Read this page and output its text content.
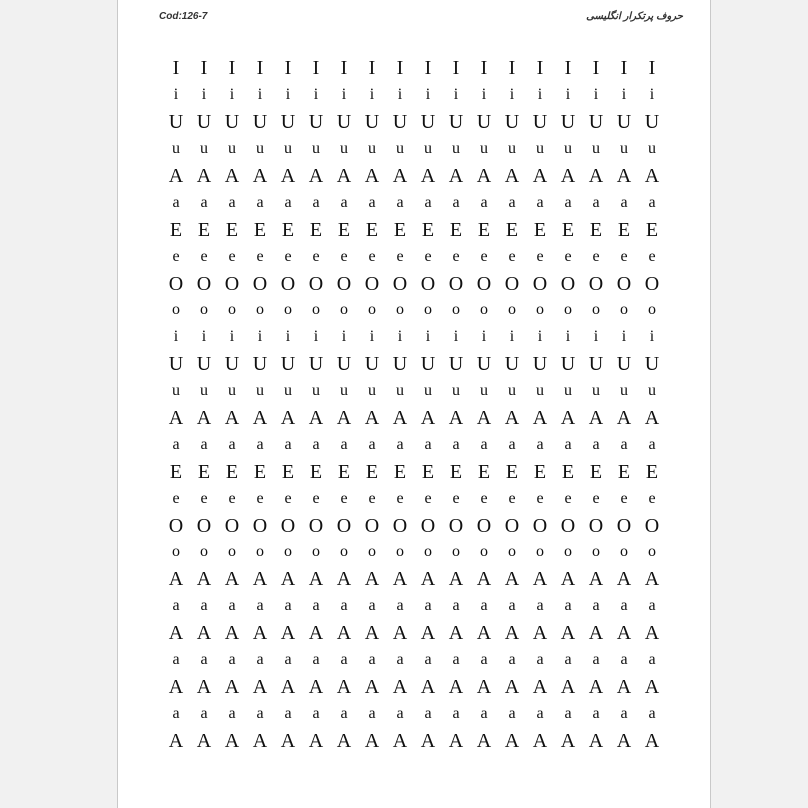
Cod:126-7	حروف پرتکرار انگلیسی
I	I	I	I	I	I	I	I	I	I	I	I	I	I	I	I	I	I
i	i	i	i	i	i	i	i	i	i	i	i	i	i	i	i	i	i
U U U U U U U U U U U U U U U U U U
u	u	u	u	u	u	u	u	u	u	u	u	u	u	u	u	u	u
A A A A A A A A A A A A A A A A A A
a	a	a	a	a	a	a	a	a	a	a	a	a	a	a	a	a	a
E E E E E E E E E E E E E E E E E E
e	e	e	e	e	e	e	e	e	e	e	e	e	e	e	e	e	e
O O O O O O O O O O O O O O O O O O
o	o	o	o	o	o	o	o	o	o	o	o	o	o	o	o	o	o
i	i	i	i	i	i	i	i	i	i	i	i	i	i	i	i	i	i
U U U U U U U U U U U U U U U U U U
u	u	u	u	u	u	u	u	u	u	u	u	u	u	u	u	u	u
A A A A A A A A A A A A A A A A A A
a	a	a	a	a	a	a	a	a	a	a	a	a	a	a	a	a	a
E E E E E E E E E E E E E E E E E E
e	e	e	e	e	e	e	e	e	e	e	e	e	e	e	e	e	e
O O O O O O O O O O O O O O O O O O
o	o	o	o	o	o	o	o	o	o	o	o	o	o	o	o	o	o
A A A A A A A A A A A A A A A A A A
a	a	a	a	a	a	a	a	a	a	a	a	a	a	a	a	a	a
A A A A A A A A A A A A A A A A A A
a	a	a	a	a	a	a	a	a	a	a	a	a	a	a	a	a	a
A A A A A A A A A A A A A A A A A A
a	a	a	a	a	a	a	a	a	a	a	a	a	a	a	a	a	a
A A A A A A A A A A A A A A A A A A
